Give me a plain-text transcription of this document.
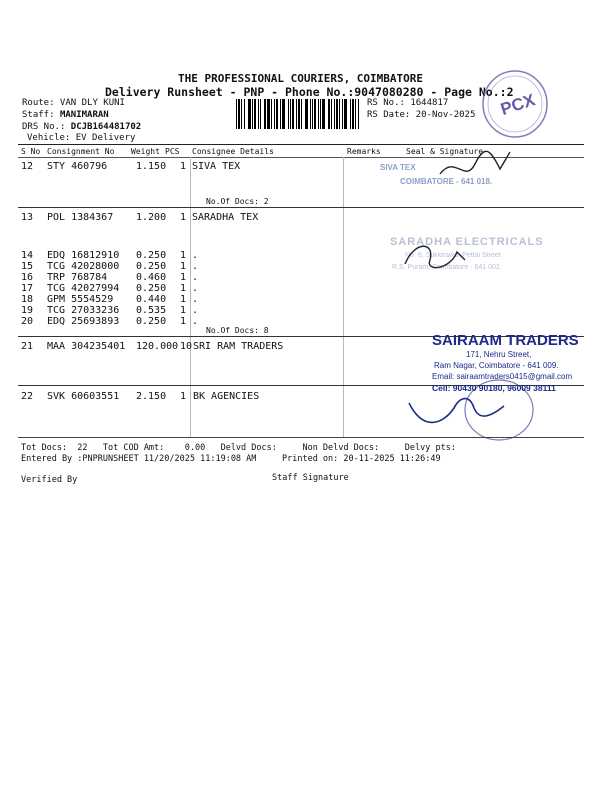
THE PROFESSIONAL COURIERS, COIMBATORE
Delivery Runsheet - PNP - Phone No.:9047080280 - Page No.:2
Route: VAN DLY KUNI
Staff: MANIMARAN
DRS No.: DCJB164481702
Vehicle: EV Delivery
RS No.: 1644817
RS Date: 20-Nov-2025 PCX
S No Consignment No Weight PCS Consignee Details	Remarks	Seal & Signature
12 STY 460796	1.150 1 SIVA TEX
No.Of Docs: 2
13 POL 1384367 1.200 1 SARADHA TEX
14 EDQ 16812910 0.250 1 .
15 TCG 42028000 0.250 1 .
16 TRP 768784	0.460 1 .
17 TCG 42027994 0.250 1 .
18 GPM 5554529 0.440 1 .
19 TCG 27033236 0.535 1 .
20 EDQ 25693893 0.250 1 .
No.Of Docs: 8
21 MAA 304235401 120.000 10 SRI RAM TRADERS
22 SVK 60603551 2.150 1 BK AGENCIES
SIVA TEX
COIMBATORE - 641 018.
SARADHA ELECTRICALS
No. 8, Sukkirawar Pettai Street
R.S. Puram, Coimbatore - 641 002.
SAIRAAM TRADERS
171, Nehru Street,
Ram Nagar, Coimbatore - 641 009.
Email: sairaamtraders0415@gmail.com
Cell: 90430 90180, 96009 38111
Tot Docs:  22   Tot COD Amt:    0.00   Delvd Docs:     Non Delvd Docs:     Delvy pts:
Entered By :PNPRUNSHEET 11/20/2025 11:19:08 AM     Printed on: 20-11-2025 11:26:49
Verified By	Staff Signature
